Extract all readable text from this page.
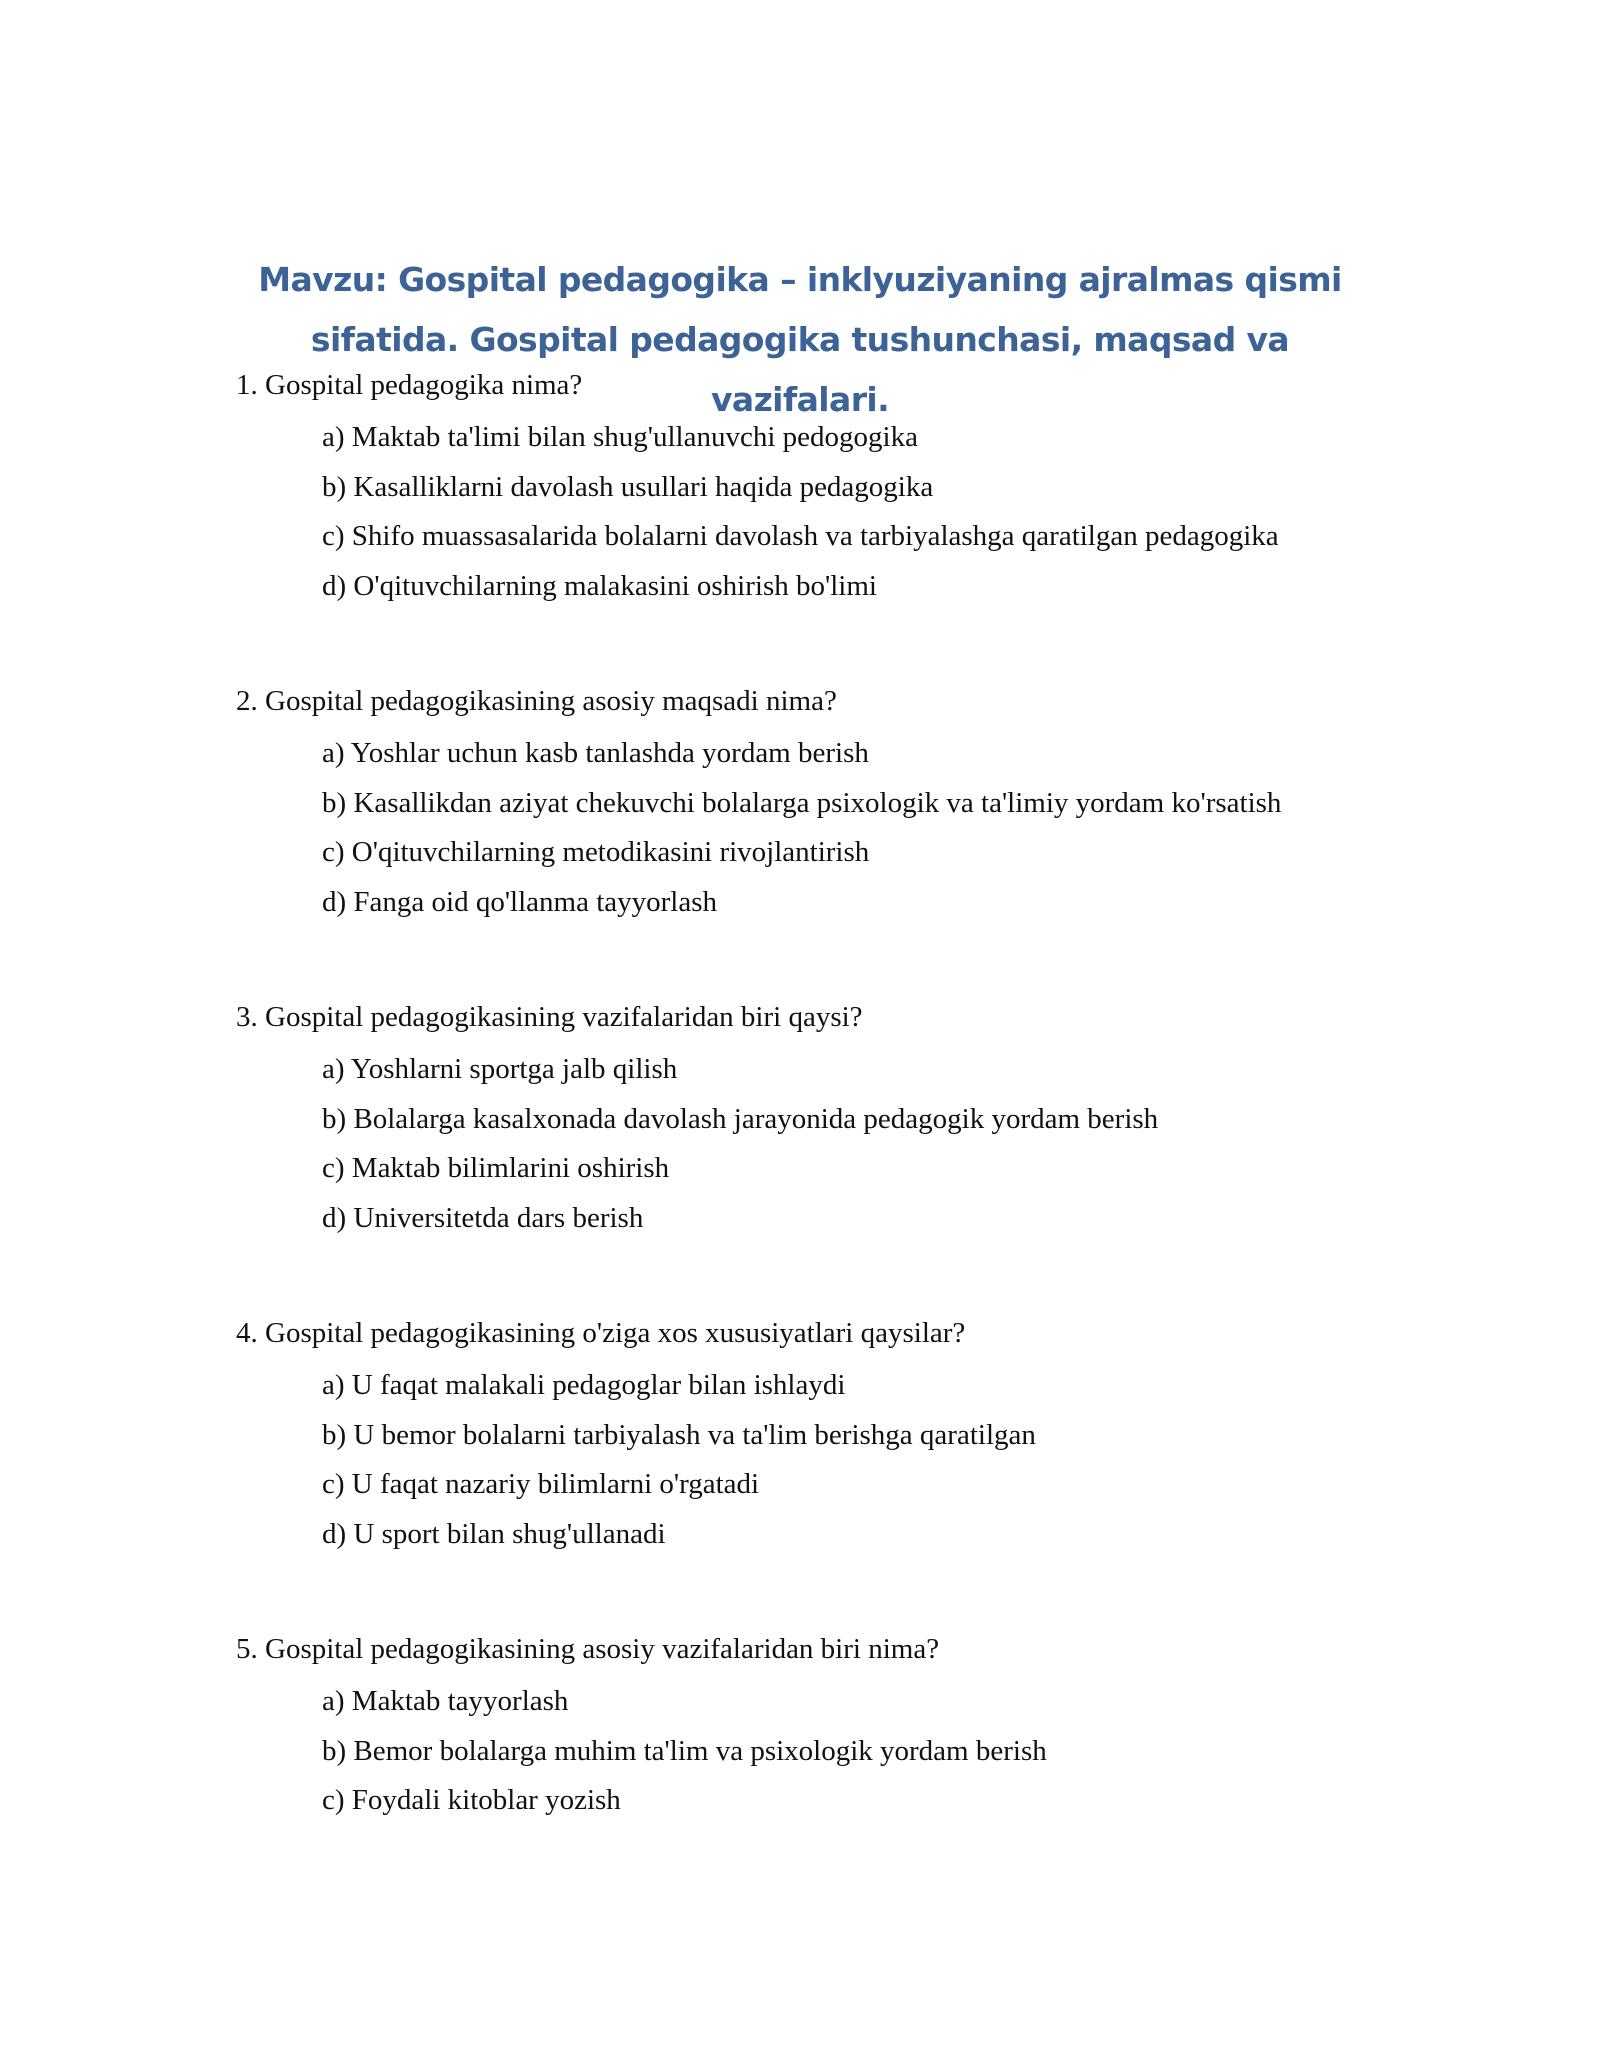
Mavzu: Gospital pedagogika – inklyuziyaning ajralmas qismi
sifatida. Gospital pedagogika tushunchasi, maqsad va vazifalari.

1. Gospital pedagogika nima?

a) Maktab ta'limi bilan shug'ullanuvchi pedogogika
b) Kasalliklarni davolash usullari haqida pedagogika
c) Shifo muassasalarida bolalarni davolash va tarbiyalashga qaratilgan pedagogika
d) O'qituvchilarning malakasini oshirish bo'limi

2. Gospital pedagogikasining asosiy maqsadi nima?

a) Yoshlar uchun kasb tanlashda yordam berish
b) Kasallikdan aziyat chekuvchi bolalarga psixologik va ta'limiy yordam ko'rsatish
c) O'qituvchilarning metodikasini rivojlantirish
d) Fanga oid qo'llanma tayyorlash

3. Gospital pedagogikasining vazifalaridan biri qaysi?

a) Yoshlarni sportga jalb qilish
b) Bolalarga kasalxonada davolash jarayonida pedagogik yordam berish
c) Maktab bilimlarini oshirish
d) Universitetda dars berish

4. Gospital pedagogikasining o'ziga xos xususiyatlari qaysilar?

a) U faqat malakali pedagoglar bilan ishlaydi
b) U bemor bolalarni tarbiyalash va ta'lim berishga qaratilgan
c) U faqat nazariy bilimlarni o'rgatadi
d) U sport bilan shug'ullanadi

5. Gospital pedagogikasining asosiy vazifalaridan biri nima?

a) Maktab tayyorlash
b) Bemor bolalarga muhim ta'lim va psixologik yordam berish
c) Foydali kitoblar yozish
